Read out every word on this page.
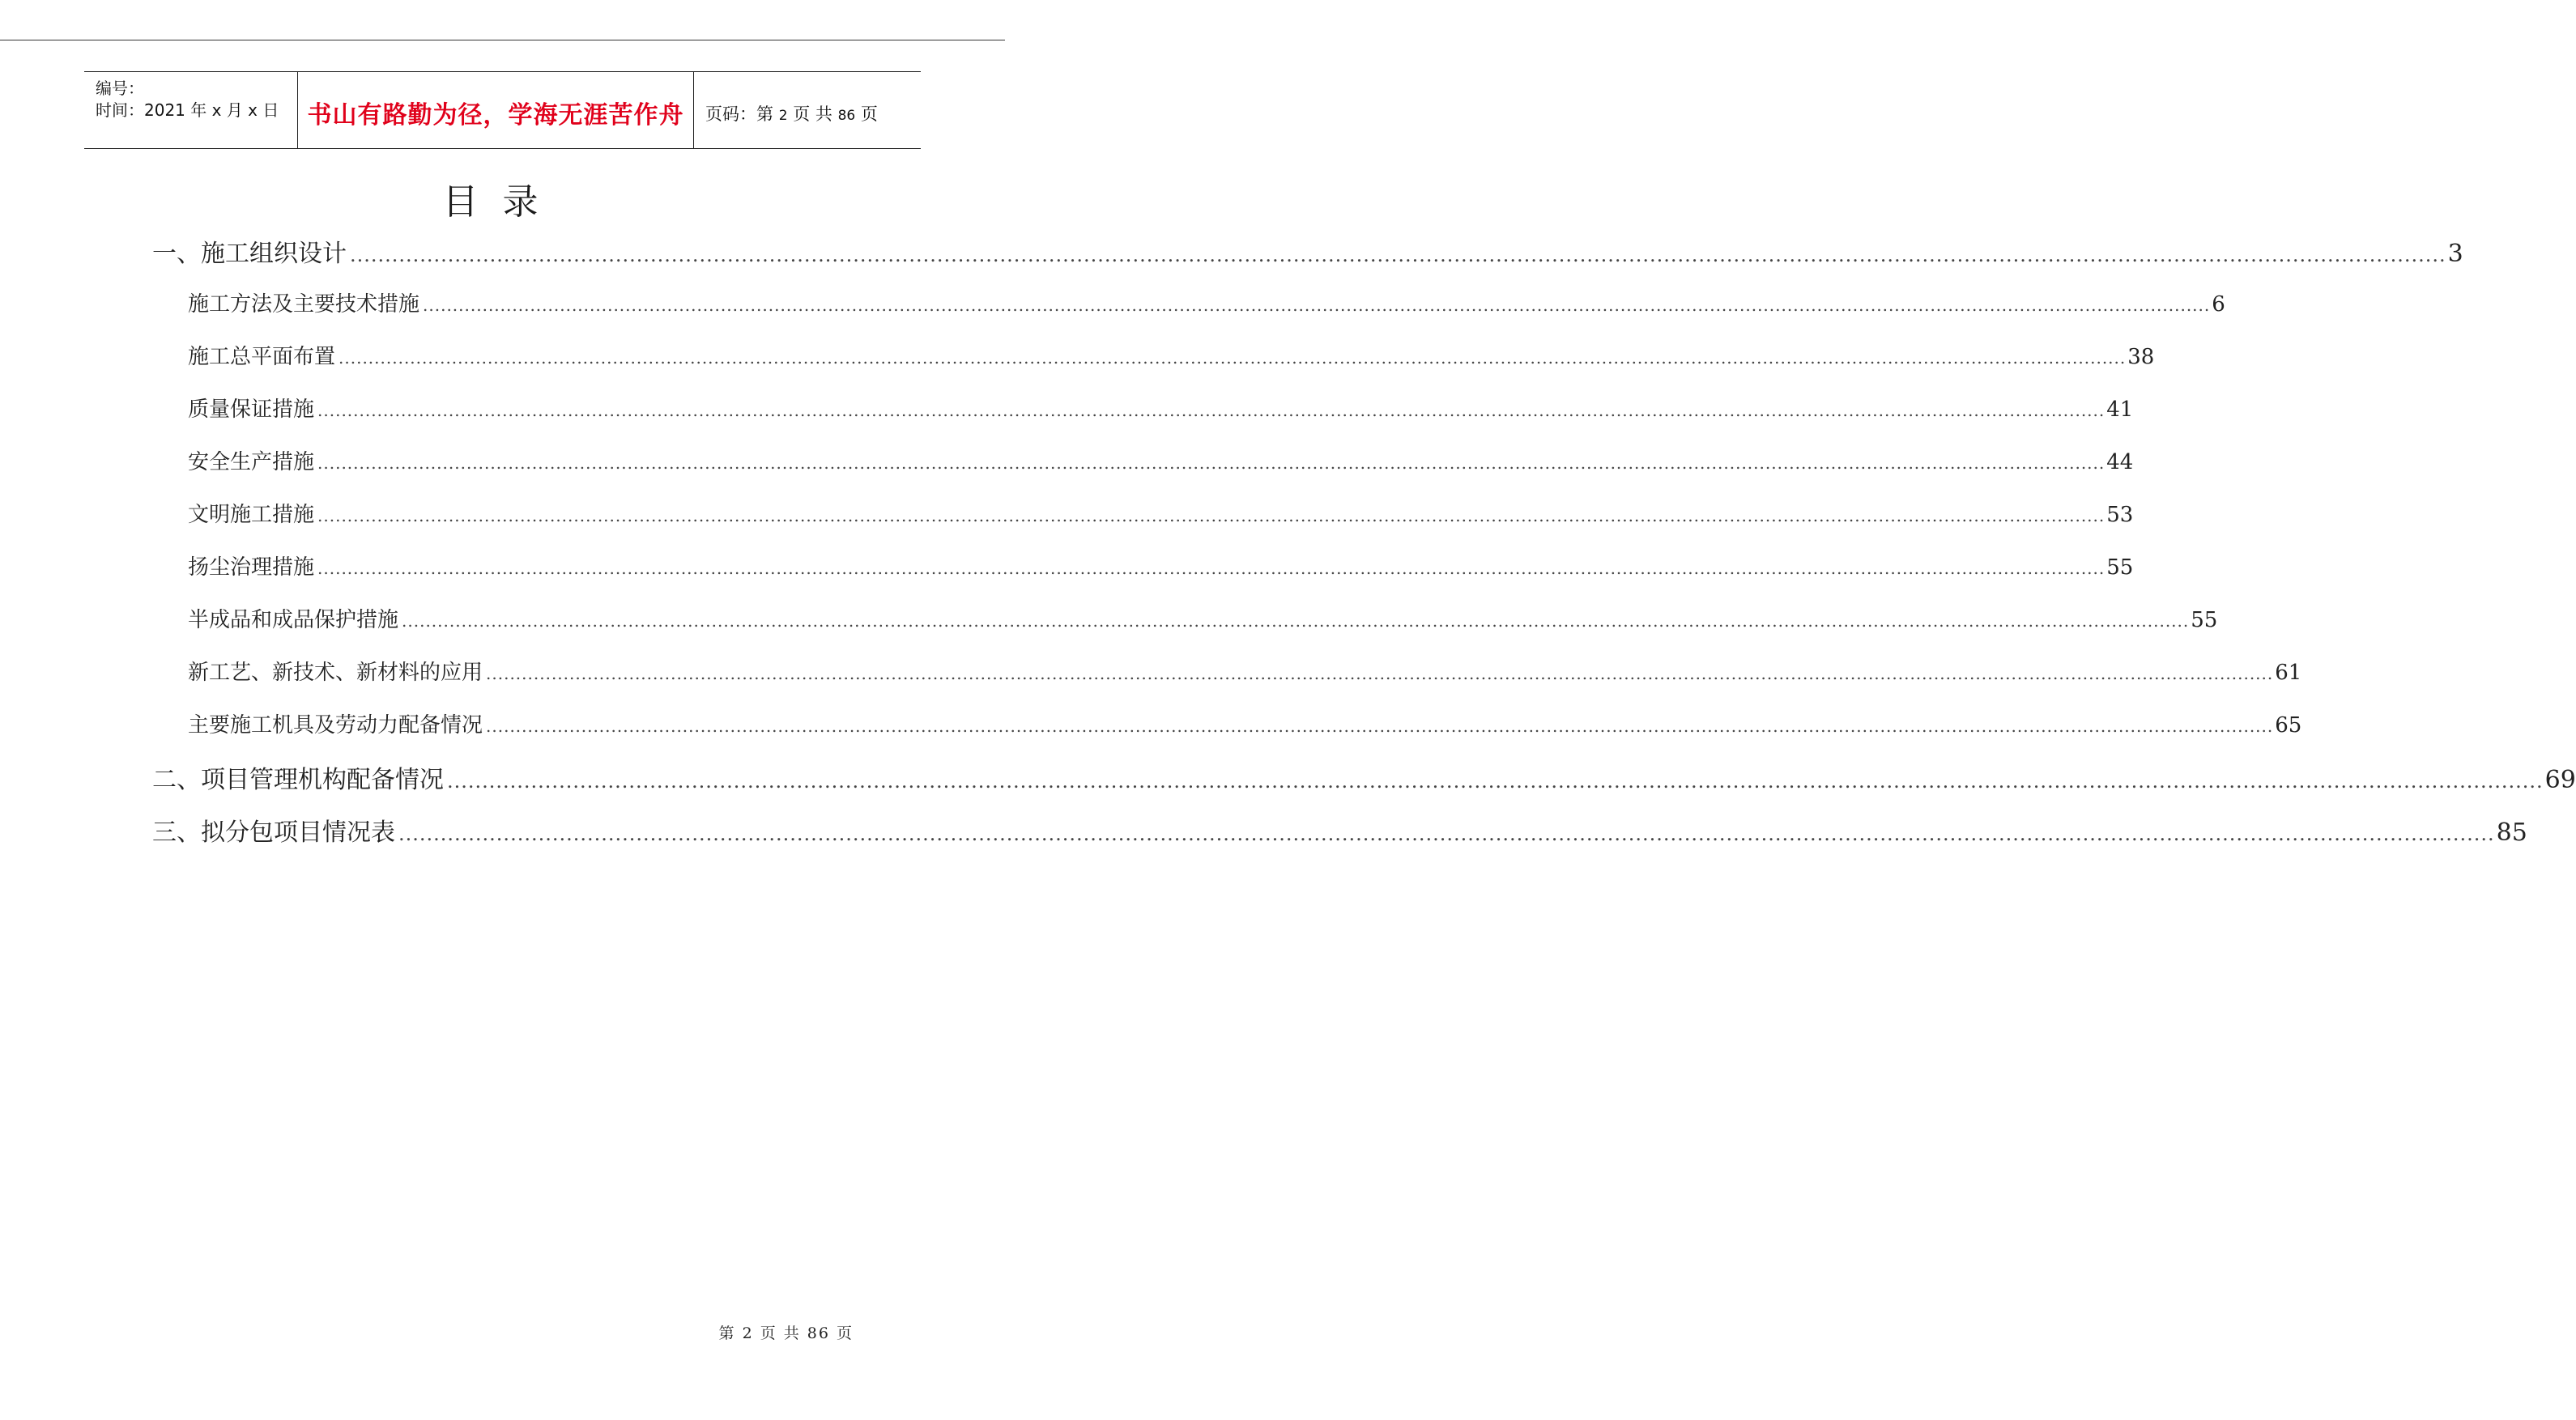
编号：
时间：2021 年 x 月 x 日	书山有路勤为径，学海无涯苦作舟	页码：第 2 页 共 86 页
目录
一、施工组织设计 ............................................................................................................................................................................................................................................................................................................ 3
施工方法及主要技术措施 ............................................................................................................................................................................................................................................................................................................ 6
施工总平面布置 ............................................................................................................................................................................................................................................................................................................ 38
质量保证措施 ............................................................................................................................................................................................................................................................................................................ 41
安全生产措施 ............................................................................................................................................................................................................................................................................................................ 44
文明施工措施 ............................................................................................................................................................................................................................................................................................................ 53
扬尘治理措施 ............................................................................................................................................................................................................................................................................................................ 55
半成品和成品保护措施 ............................................................................................................................................................................................................................................................................................................ 55
新工艺、新技术、新材料的应用 ............................................................................................................................................................................................................................................................................................................ 61
主要施工机具及劳动力配备情况 ............................................................................................................................................................................................................................................................................................................ 65
二、项目管理机构配备情况 ............................................................................................................................................................................................................................................................................................................ 69
三、拟分包项目情况表 ............................................................................................................................................................................................................................................................................................................ 85
第 2 页 共 86 页
